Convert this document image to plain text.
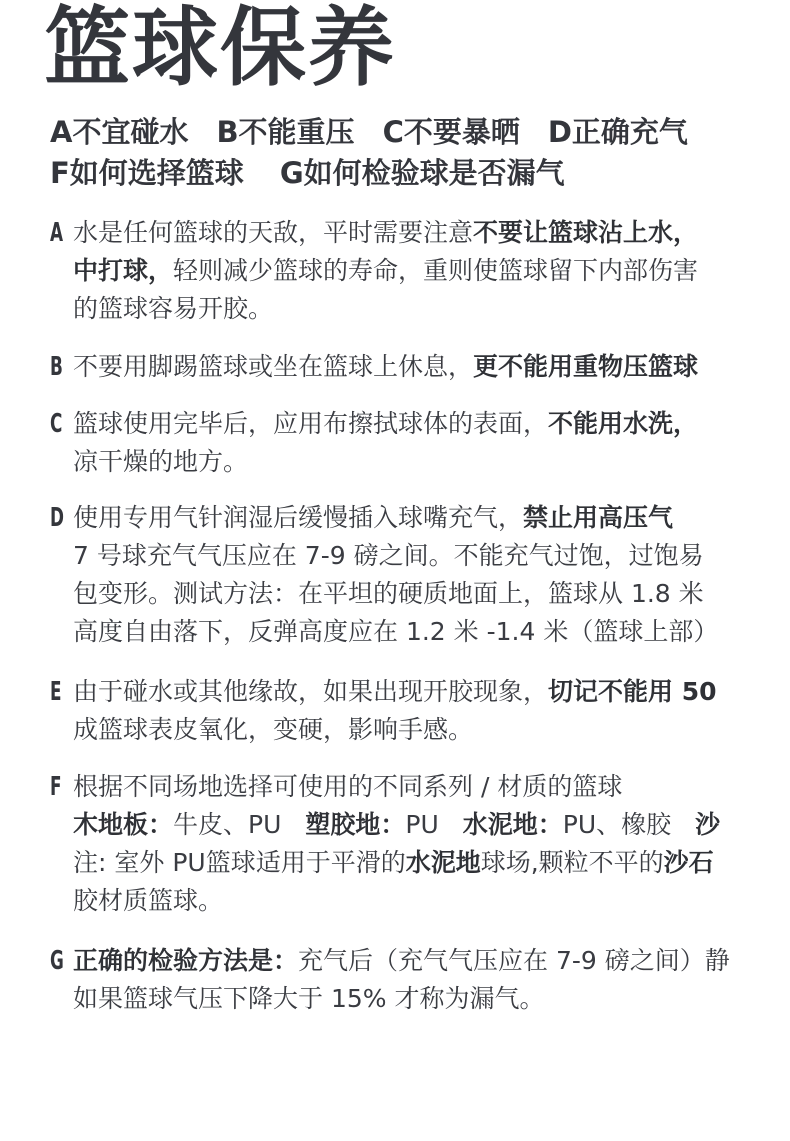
篮球保养
A不宜碰水 B不能重压 C不要暴晒 D正确充气
F如何选择篮球 G如何检验球是否漏气
A 水是任何篮球的天敌，平时需要注意不要让篮球沾上水，
中打球，轻则减少篮球的寿命，重则使篮球留下内部伤害
的篮球容易开胶。
B 不要用脚踢篮球或坐在篮球上休息，更不能用重物压篮球
C 篮球使用完毕后，应用布擦拭球体的表面，不能用水洗，
凉干燥的地方。
D 使用专用气针润湿后缓慢插入球嘴充气，禁止用高压气
7 号球充气气压应在 7-9 磅之间。不能充气过饱，过饱易
包变形。测试方法：在平坦的硬质地面上，篮球从 1.8 米
高度自由落下，反弹高度应在 1.2 米 -1.4 米（篮球上部）
E 由于碰水或其他缘故，如果出现开胶现象，切记不能用 50
成篮球表皮氧化，变硬，影响手感。
F 根据不同场地选择可使用的不同系列 / 材质的篮球
木地板：牛皮、PU 塑胶地：PU 水泥地：PU、橡胶 沙
注: 室外 PU篮球适用于平滑的水泥地球场,颗粒不平的沙石
胶材质篮球。
G 正确的检验方法是：充气后（充气气压应在 7-9 磅之间）静
如果篮球气压下降大于 15% 才称为漏气。
